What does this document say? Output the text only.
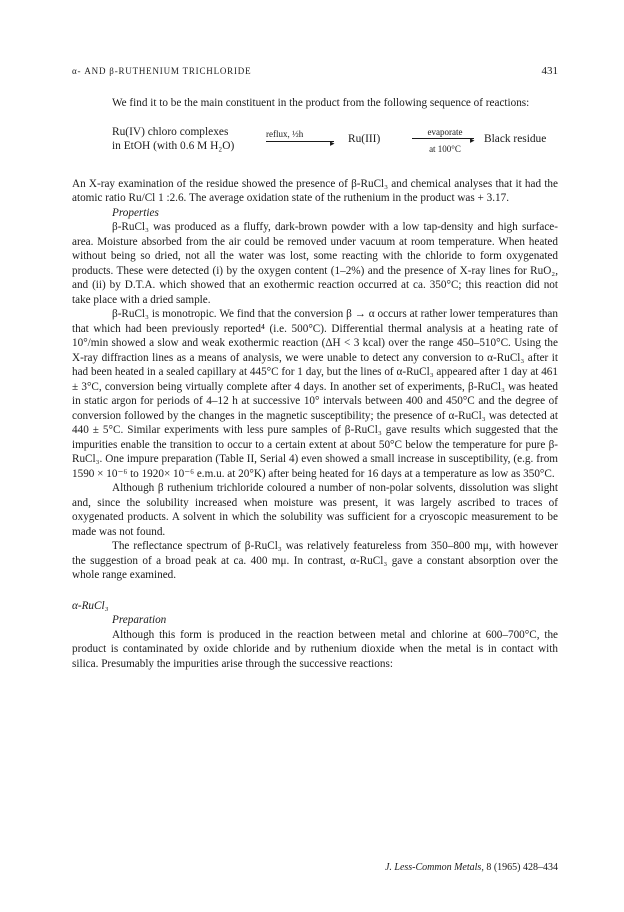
α- AND β-RUTHENIUM TRICHLORIDE	431

We find it to be the main constituent in the product from the following sequence of reactions:

Ru(IV) chloro complexes
in EtOH (with 0.6 M H₂O)
reflux, ½h
▸ Ru(III)
evaporate
▸
at 100°C
Black residue

An X-ray examination of the residue showed the presence of β-RuCl₃ and chemical analyses that it had the atomic ratio Ru/Cl 1 :2.6. The average oxidation state of the ruthenium in the product was + 3.17.

Properties

β-RuCl₃ was produced as a fluffy, dark-brown powder with a low tap-density and high surface-area. Moisture absorbed from the air could be removed under vacuum at room temperature. When heated without being so dried, not all the water was lost, some reacting with the chloride to form oxygenated products. These were detected (i) by the oxygen content (1–2%) and the presence of X-ray lines for RuO₂, and (ii) by D.T.A. which showed that an exothermic reaction occurred at ca. 350°C; this reaction did not take place with a dried sample.

β-RuCl₃ is monotropic. We find that the conversion β → α occurs at rather lower temperatures than that which had been previously reported⁴ (i.e. 500°C). Differential thermal analysis at a heating rate of 10°/min showed a slow and weak exothermic reaction (ΔH < 3 kcal) over the range 450–510°C. Using the X-ray diffraction lines as a means of analysis, we were unable to detect any conversion to α-RuCl₃ after it had been heated in a sealed capillary at 445°C for 1 day, but the lines of α-RuCl₃ appeared after 1 day at 461 ± 3°C, conversion being virtually complete after 4 days. In another set of experiments, β-RuCl₃ was heated in static argon for periods of 4–12 h at successive 10° intervals between 400 and 450°C and the degree of conversion followed by the changes in the magnetic susceptibility; the presence of α-RuCl₃ was detected at 440 ± 5°C. Similar experiments with less pure samples of β-RuCl₃ gave results which suggested that the impurities enable the transition to occur to a certain extent at about 50°C below the temperature for pure β-RuCl₃. One impure preparation (Table II, Serial 4) even showed a small increase in susceptibility, (e.g. from 1590 × 10⁻⁶ to 1920× 10⁻⁶ e.m.u. at 20°K) after being heated for 16 days at a temperature as low as 350°C.

Although β ruthenium trichloride coloured a number of non-polar solvents, dissolution was slight and, since the solubility increased when moisture was present, it was largely ascribed to traces of oxygenated products. A solvent in which the solubility was sufficient for a cryoscopic measurement to be made was not found.

The reflectance spectrum of β-RuCl₃ was relatively featureless from 350–800 mμ, with however the suggestion of a broad peak at ca. 400 mμ. In contrast, α-RuCl₃ gave a constant absorption over the whole range examined.

α-RuCl₃

Preparation

Although this form is produced in the reaction between metal and chlorine at 600–700°C, the product is contaminated by oxide chloride and by ruthenium dioxide when the metal is in contact with silica. Presumably the impurities arise through the successive reactions:

J. Less-Common Metals, 8 (1965) 428–434
